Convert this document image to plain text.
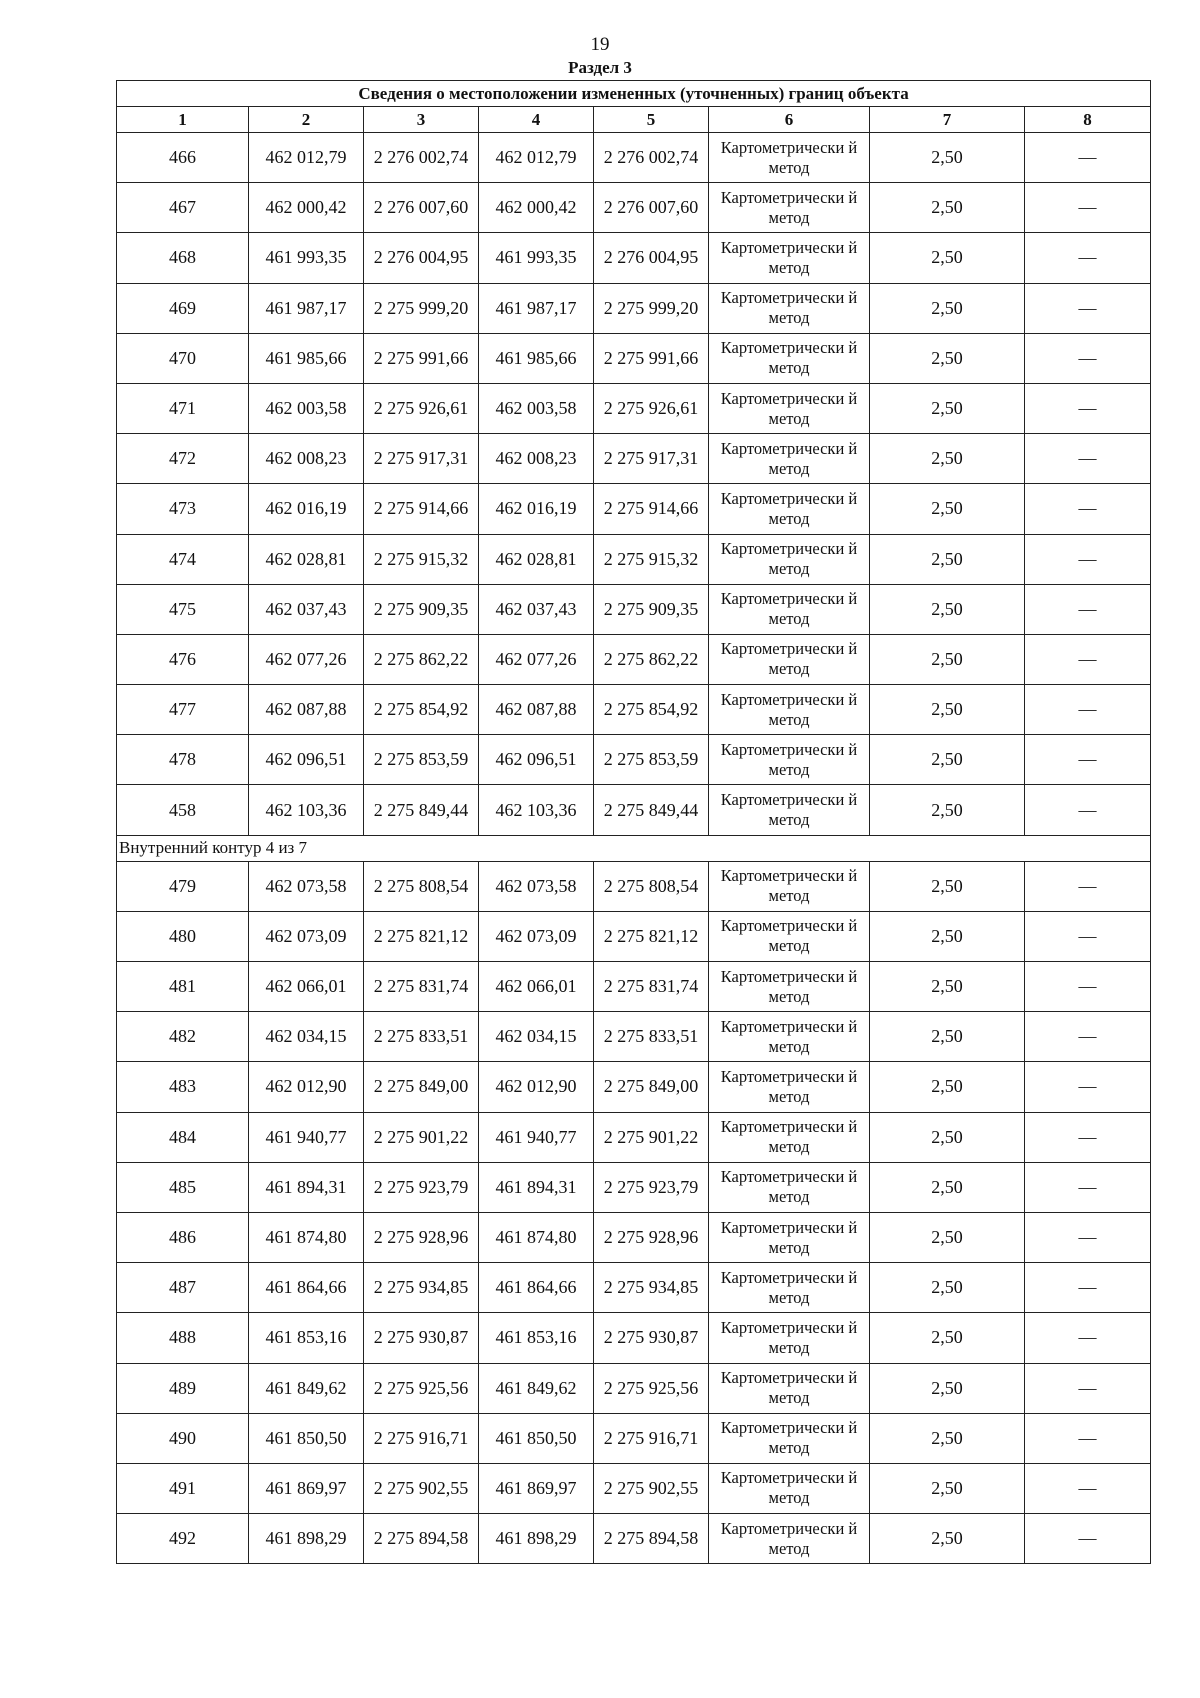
19
Раздел 3
Сведения о местоположении измененных (уточненных) границ объекта							
1	2	3	4	5	6	7	8
466	462 012,79	2 276 002,74	462 012,79	2 276 002,74	Картометрически й метод	2,50	—
467	462 000,42	2 276 007,60	462 000,42	2 276 007,60	Картометрически й метод	2,50	—
468	461 993,35	2 276 004,95	461 993,35	2 276 004,95	Картометрически й метод	2,50	—
469	461 987,17	2 275 999,20	461 987,17	2 275 999,20	Картометрически й метод	2,50	—
470	461 985,66	2 275 991,66	461 985,66	2 275 991,66	Картометрически й метод	2,50	—
471	462 003,58	2 275 926,61	462 003,58	2 275 926,61	Картометрически й метод	2,50	—
472	462 008,23	2 275 917,31	462 008,23	2 275 917,31	Картометрически й метод	2,50	—
473	462 016,19	2 275 914,66	462 016,19	2 275 914,66	Картометрически й метод	2,50	—
474	462 028,81	2 275 915,32	462 028,81	2 275 915,32	Картометрически й метод	2,50	—
475	462 037,43	2 275 909,35	462 037,43	2 275 909,35	Картометрически й метод	2,50	—
476	462 077,26	2 275 862,22	462 077,26	2 275 862,22	Картометрически й метод	2,50	—
477	462 087,88	2 275 854,92	462 087,88	2 275 854,92	Картометрически й метод	2,50	—
478	462 096,51	2 275 853,59	462 096,51	2 275 853,59	Картометрически й метод	2,50	—
458	462 103,36	2 275 849,44	462 103,36	2 275 849,44	Картометрически й метод	2,50	—
Внутренний контур 4 из 7							
479	462 073,58	2 275 808,54	462 073,58	2 275 808,54	Картометрически й метод	2,50	—
480	462 073,09	2 275 821,12	462 073,09	2 275 821,12	Картометрически й метод	2,50	—
481	462 066,01	2 275 831,74	462 066,01	2 275 831,74	Картометрически й метод	2,50	—
482	462 034,15	2 275 833,51	462 034,15	2 275 833,51	Картометрически й метод	2,50	—
483	462 012,90	2 275 849,00	462 012,90	2 275 849,00	Картометрически й метод	2,50	—
484	461 940,77	2 275 901,22	461 940,77	2 275 901,22	Картометрически й метод	2,50	—
485	461 894,31	2 275 923,79	461 894,31	2 275 923,79	Картометрически й метод	2,50	—
486	461 874,80	2 275 928,96	461 874,80	2 275 928,96	Картометрически й метод	2,50	—
487	461 864,66	2 275 934,85	461 864,66	2 275 934,85	Картометрически й метод	2,50	—
488	461 853,16	2 275 930,87	461 853,16	2 275 930,87	Картометрически й метод	2,50	—
489	461 849,62	2 275 925,56	461 849,62	2 275 925,56	Картометрически й метод	2,50	—
490	461 850,50	2 275 916,71	461 850,50	2 275 916,71	Картометрически й метод	2,50	—
491	461 869,97	2 275 902,55	461 869,97	2 275 902,55	Картометрически й метод	2,50	—
492	461 898,29	2 275 894,58	461 898,29	2 275 894,58	Картометрически й метод	2,50	—
